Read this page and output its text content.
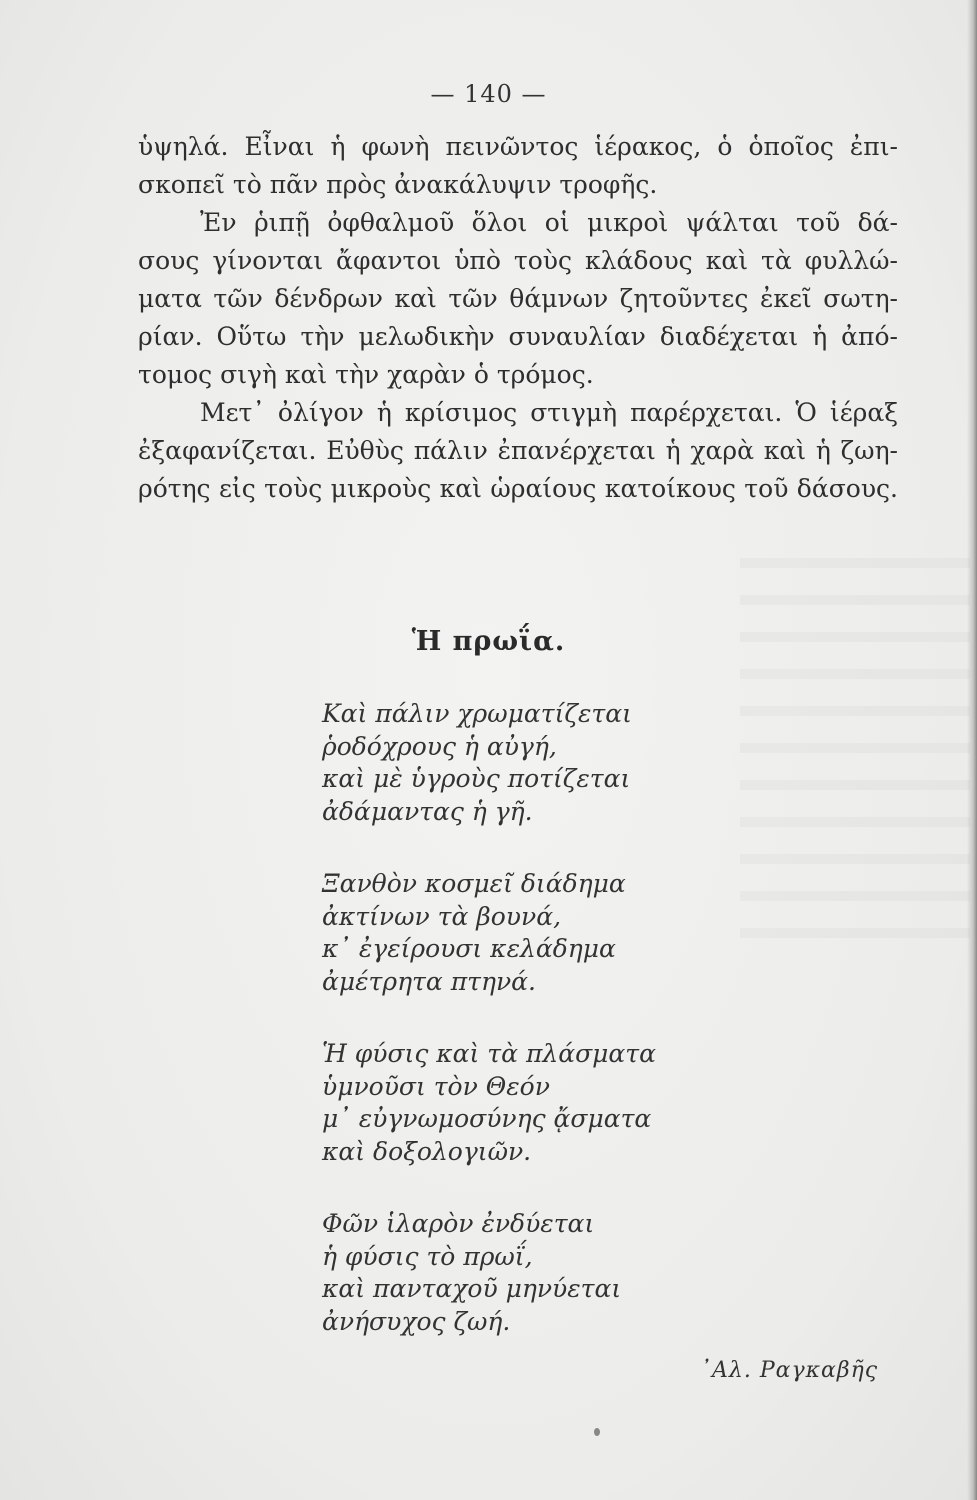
— 140 —
ὑψηλά. Εἶναι ἡ φωνὴ πεινῶντος ἱέρακος, ὁ ὁποῖος ἐπι-
σκοπεῖ τὸ πᾶν πρὸς ἀνακάλυψιν τροφῆς.
Ἐν ῥιπῇ ὀφθαλμοῦ ὅλοι οἱ μικροὶ ψάλται τοῦ δά-
σους γίνονται ἄφαντοι ὑπὸ τοὺς κλάδους καὶ τὰ φυλλώ-
ματα τῶν δένδρων καὶ τῶν θάμνων ζητοῦντες ἐκεῖ σωτη-
ρίαν. Οὕτω τὴν μελωδικὴν συναυλίαν διαδέχεται ἡ ἀπό-
τομος σιγὴ καὶ τὴν χαρὰν ὁ τρόμος.
Μετ᾽ ὀλίγον ἡ κρίσιμος στιγμὴ παρέρχεται. Ὁ ἱέραξ
ἐξαφανίζεται. Εὐθὺς πάλιν ἐπανέρχεται ἡ χαρὰ καὶ ἡ ζωη-
ρότης εἰς τοὺς μικροὺς καὶ ὡραίους κατοίκους τοῦ δάσους.
Ἡ πρωΐα.
Καὶ πάλιν χρωματίζεται
ῥοδόχρους ἡ αὐγή,
καὶ μὲ ὑγροὺς ποτίζεται
ἀδάμαντας ἡ γῆ.
Ξανθὸν κοσμεῖ διάδημα
ἀκτίνων τὰ βουνά,
κ᾽ ἐγείρουσι κελάδημα
ἀμέτρητα πτηνά.
Ἡ φύσις καὶ τὰ πλάσματα
ὑμνοῦσι τὸν Θεόν
μ᾽ εὐγνωμοσύνης ᾄσματα
καὶ δοξολογιῶν.
Φῶν ἱλαρὸν ἐνδύεται
ἡ φύσις τὸ πρωΐ,
καὶ πανταχοῦ μηνύεται
ἀνήσυχος ζωή.
᾽Αλ. Ραγκαβῆς
